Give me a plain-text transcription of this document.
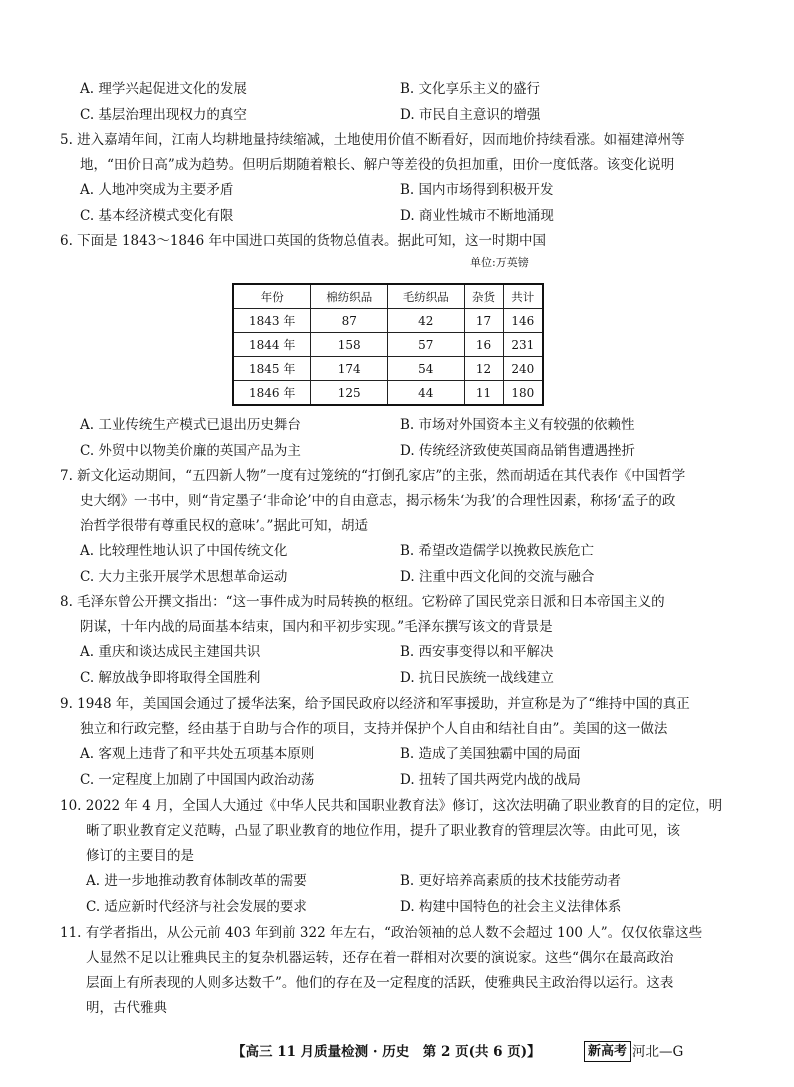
A. 理学兴起促进文化的发展	B. 文化享乐主义的盛行
C. 基层治理出现权力的真空	D. 市民自主意识的增强
5. 进入嘉靖年间，江南人均耕地量持续缩减，土地使用价值不断看好，因而地价持续看涨。如福建漳州等
地，“田价日高”成为趋势。但明后期随着粮长、解户等差役的负担加重，田价一度低落。该变化说明
A. 人地冲突成为主要矛盾	B. 国内市场得到积极开发
C. 基本经济模式变化有限	D. 商业性城市不断地涌现
6. 下面是 1843～1846 年中国进口英国的货物总值表。据此可知，这一时期中国
单位:万英镑
年份	棉纺织品	毛纺织品	杂货	共计
1843 年	87	42	17	146
1844 年	158	57	16	231
1845 年	174	54	12	240
1846 年	125	44	11	180
A. 工业传统生产模式已退出历史舞台	B. 市场对外国资本主义有较强的依赖性
C. 外贸中以物美价廉的英国产品为主	D. 传统经济致使英国商品销售遭遇挫折
7. 新文化运动期间，“五四新人物”一度有过笼统的“打倒孔家店”的主张，然而胡适在其代表作《中国哲学
史大纲》一书中，则“肯定墨子‘非命论’中的自由意志，揭示杨朱‘为我’的合理性因素，称扬‘孟子的政
治哲学很带有尊重民权的意味’。”据此可知，胡适
A. 比较理性地认识了中国传统文化	B. 希望改造儒学以挽救民族危亡
C. 大力主张开展学术思想革命运动	D. 注重中西文化间的交流与融合
8. 毛泽东曾公开撰文指出：“这一事件成为时局转换的枢纽。它粉碎了国民党亲日派和日本帝国主义的
阴谋，十年内战的局面基本结束，国内和平初步实现。”毛泽东撰写该文的背景是
A. 重庆和谈达成民主建国共识	B. 西安事变得以和平解决
C. 解放战争即将取得全国胜利	D. 抗日民族统一战线建立
9. 1948 年，美国国会通过了援华法案，给予国民政府以经济和军事援助，并宣称是为了“维持中国的真正
独立和行政完整，经由基于自助与合作的项目，支持并保护个人自由和结社自由”。美国的这一做法
A. 客观上违背了和平共处五项基本原则	B. 造成了美国独霸中国的局面
C. 一定程度上加剧了中国国内政治动荡	D. 扭转了国共两党内战的战局
10. 2022 年 4 月，全国人大通过《中华人民共和国职业教育法》修订，这次法明确了职业教育的目的定位，明
晰了职业教育定义范畴，凸显了职业教育的地位作用，提升了职业教育的管理层次等。由此可见，该
修订的主要目的是
A. 进一步地推动教育体制改革的需要	B. 更好培养高素质的技术技能劳动者
C. 适应新时代经济与社会发展的要求	D. 构建中国特色的社会主义法律体系
11. 有学者指出，从公元前 403 年到前 322 年左右，“政治领袖的总人数不会超过 100 人”。仅仅依靠这些
人显然不足以让雅典民主的复杂机器运转，还存在着一群相对次要的演说家。这些“偶尔在最高政治
层面上有所表现的人则多达数千”。他们的存在及一定程度的活跃，使雅典民主政治得以运行。这表
明，古代雅典
【高三 11 月质量检测 · 历史　第 2 页(共 6 页)】	新高考 河北—G
